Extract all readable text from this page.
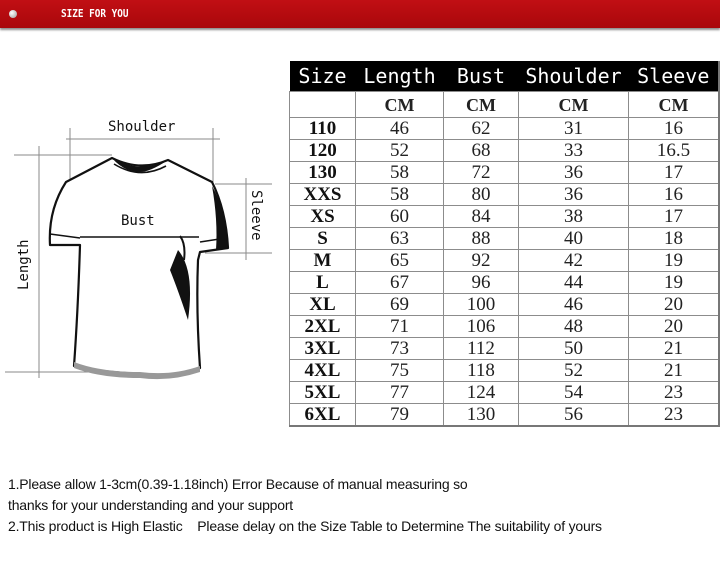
SIZE FOR YOU
Shoulder
Bust	Sleeve
Length
Size	Length	Bust	Shoulder	Sleeve
	CM	CM	CM	CM
110	46	62	31	16
120	52	68	33	16.5
130	58	72	36	17
XXS	58	80	36	16
XS	60	84	38	17
S	63	88	40	18
M	65	92	42	19
L	67	96	44	19
XL	69	100	46	20
2XL	71	106	48	20
3XL	73	112	50	21
4XL	75	118	52	21
5XL	77	124	54	23
6XL	79	130	56	23
1.Please allow 1-3cm(0.39-1.18inch) Error Because of manual measuring so
thanks for your understanding and your support
2.This product is High Elastic    Please delay on the Size Table to Determine The suitability of yours
